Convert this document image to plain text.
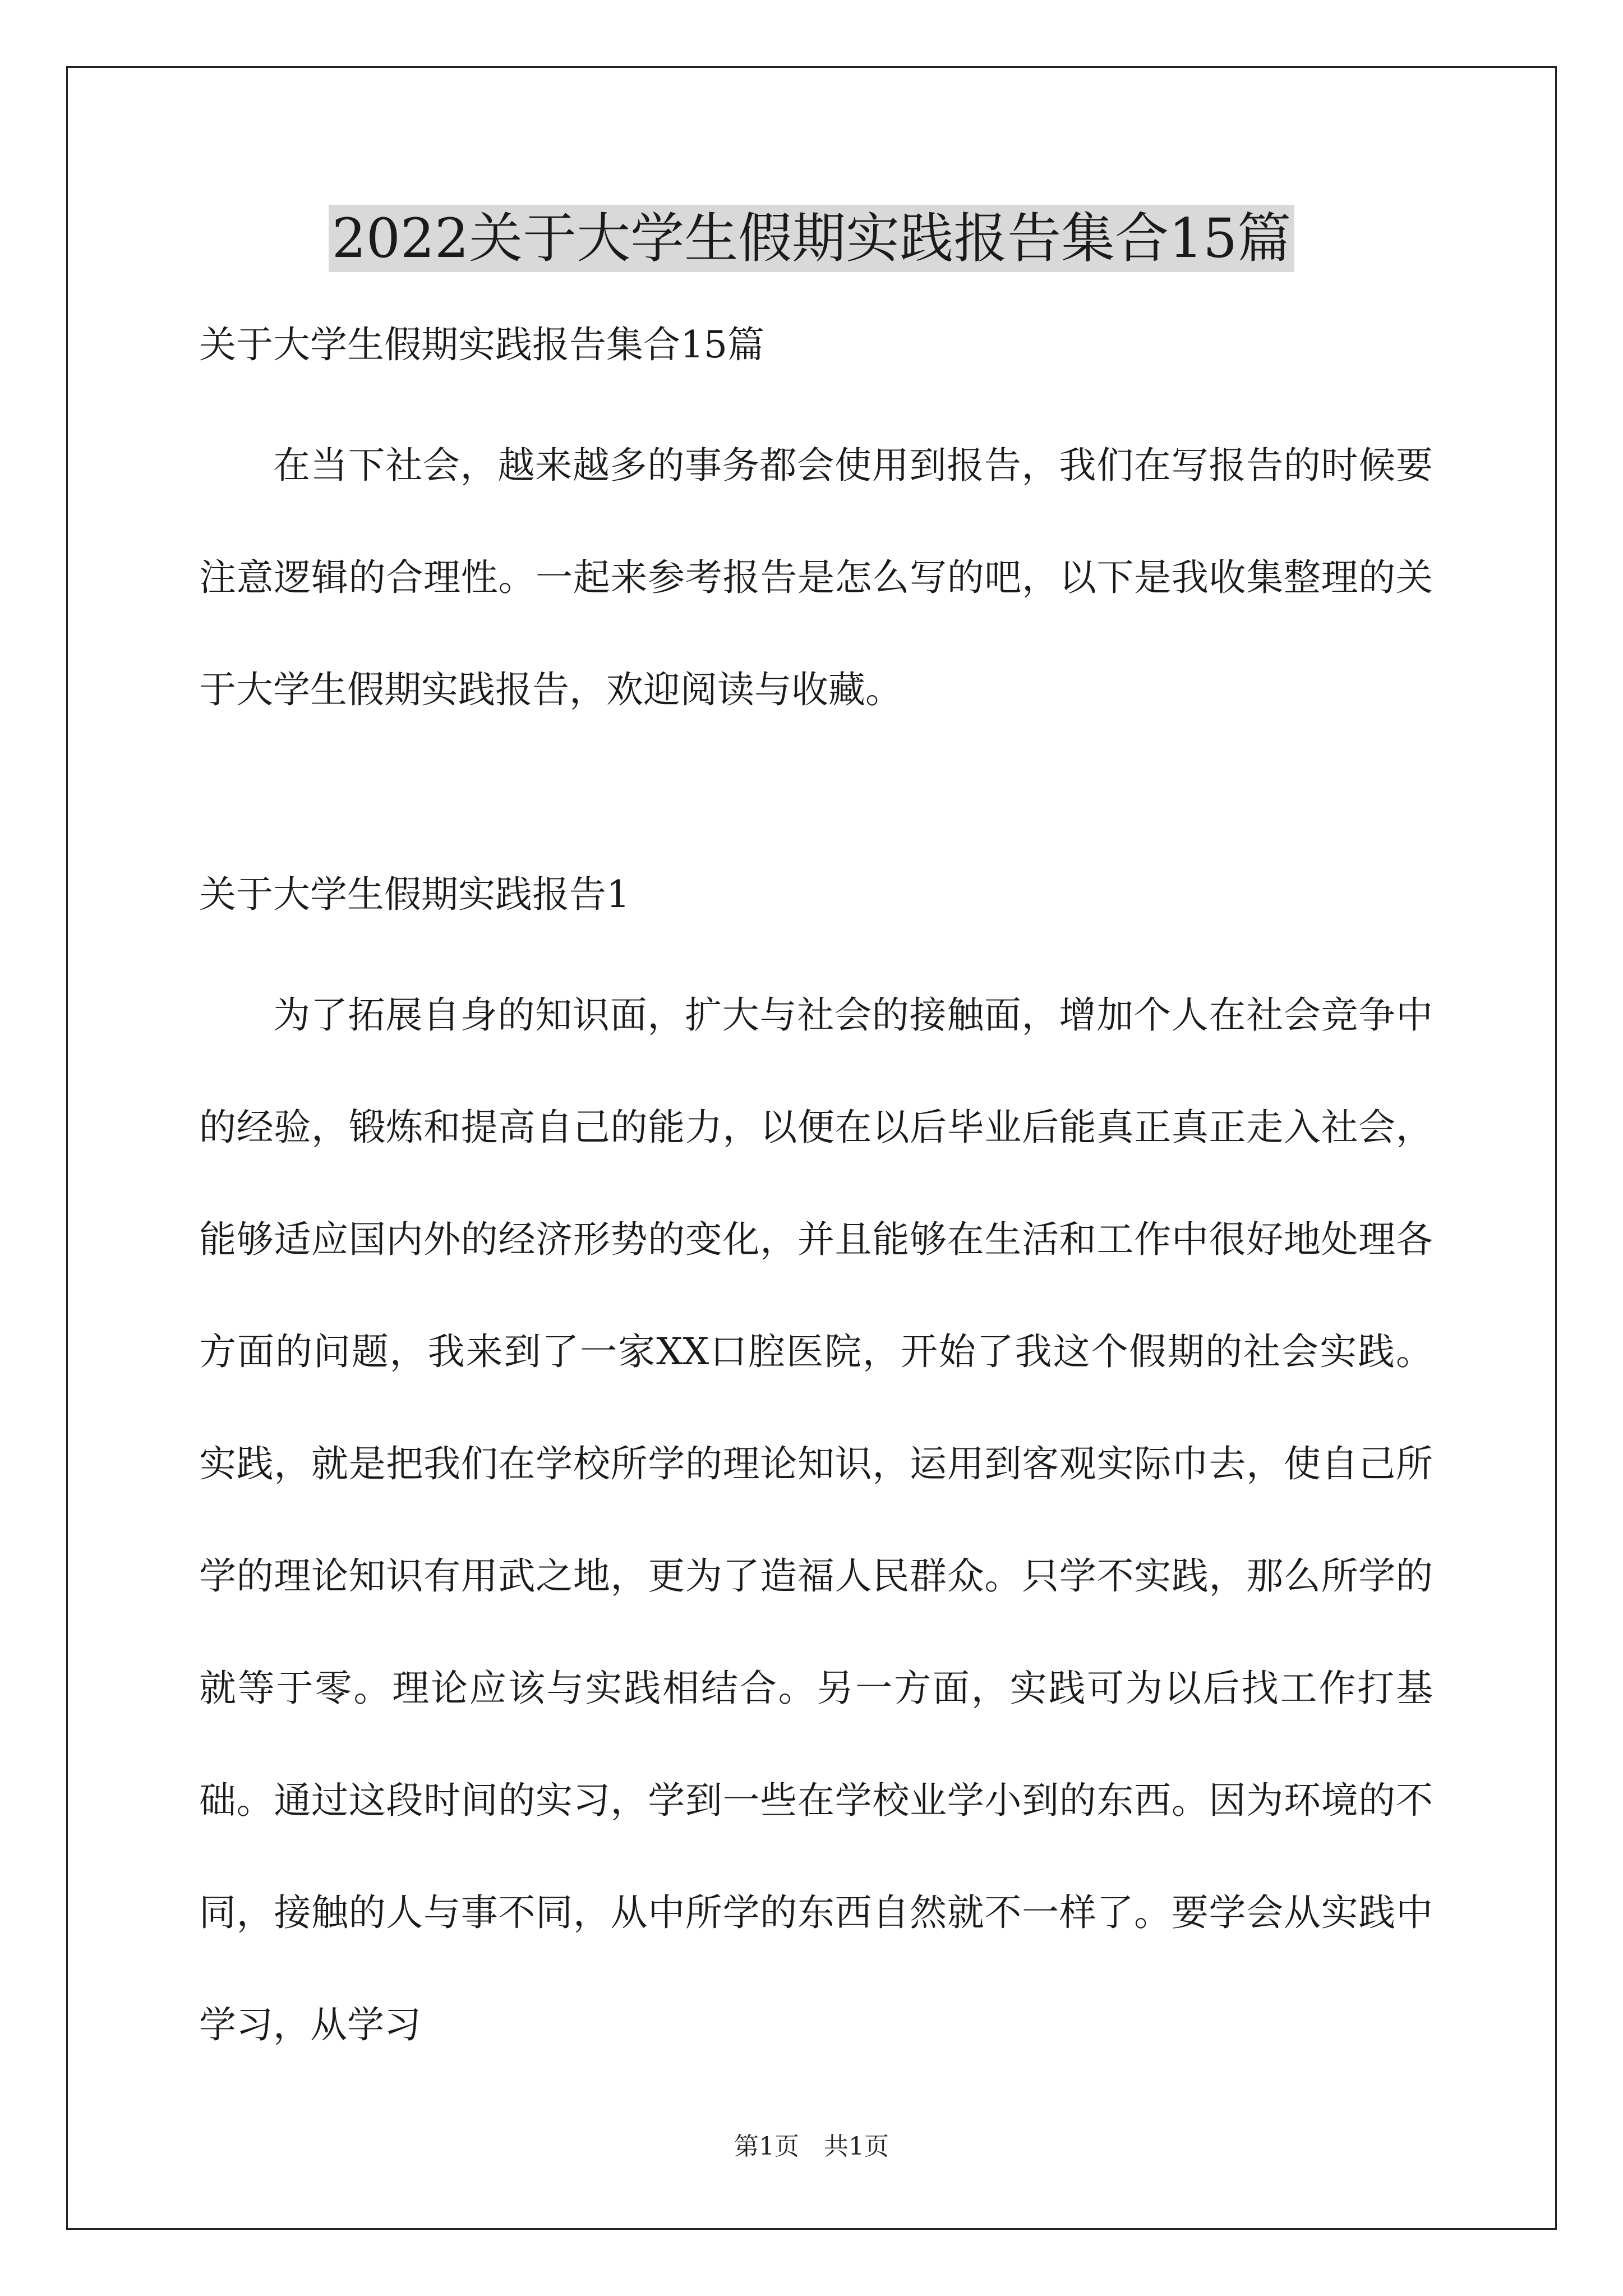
2022关于大学生假期实践报告集合15篇

关于大学生假期实践报告集合15篇

在当下社会，越来越多的事务都会使用到报告，我们在写报告的时候要注意逻辑的合理性。一起来参考报告是怎么写的吧，以下是我收集整理的关于大学生假期实践报告，欢迎阅读与收藏。

关于大学生假期实践报告1

为了拓展自身的知识面，扩大与社会的接触面，增加个人在社会竞争中的经验，锻炼和提高自己的能力，以便在以后毕业后能真正真正走入社会，能够适应国内外的经济形势的变化，并且能够在生活和工作中很好地处理各方面的问题，我来到了一家XX口腔医院，开始了我这个假期的社会实践。实践，就是把我们在学校所学的理论知识，运用到客观实际巾去，使自己所学的理论知识有用武之地，更为了造福人民群众。只学不实践，那么所学的就等于零。理论应该与实践相结合。另一方面，实践可为以后找工作打基础。通过这段时间的实习，学到一些在学校业学小到的东西。因为环境的不同，接触的人与事不同，从中所学的东西自然就不一样了。要学会从实践中学习，从学习

第1页　共1页
